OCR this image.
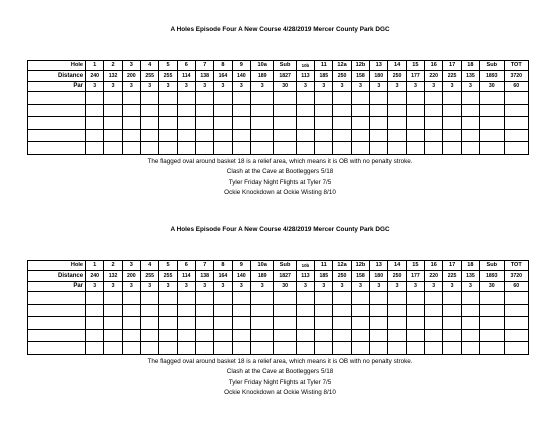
A Holes Episode Four A New Course 4/28/2019 Mercer County Park DGC
Hole	1	2	3	4	5	6	7	8	9	10a	Sub	10b	11	12a	12b	13	14	15	16	17	18	Sub	TOT
Distance	240	132	200	255	255	114	138	164	140	189	1827	113	185	250	158	180	250	177	220	225	135	1893	3720
Par	3	3	3	3	3	3	3	3	3	3	30	3	3	3	3	3	3	3	3	3	3	30	60

The flagged oval around basket 18 is a relief area, which means it is OB with no penalty stroke.
Clash at the Cave at Bootleggers 5/18
Tyler Friday Night Flights at Tyler 7/5
Ockie Knockdown at Ockie Wisting 8/10
A Holes Episode Four A New Course 4/28/2019 Mercer County Park DGC
Hole	1	2	3	4	5	6	7	8	9	10a	Sub	10b	11	12a	12b	13	14	15	16	17	18	Sub	TOT
Distance	240	132	200	255	255	114	138	164	140	189	1827	113	185	250	158	180	250	177	220	225	135	1893	3720
Par	3	3	3	3	3	3	3	3	3	3	30	3	3	3	3	3	3	3	3	3	3	30	60

The flagged oval around basket 18 is a relief area, which means it is OB with no penalty stroke.
Clash at the Cave at Bootleggers 5/18
Tyler Friday Night Flights at Tyler 7/5
Ockie Knockdown at Ockie Wisting 8/10
